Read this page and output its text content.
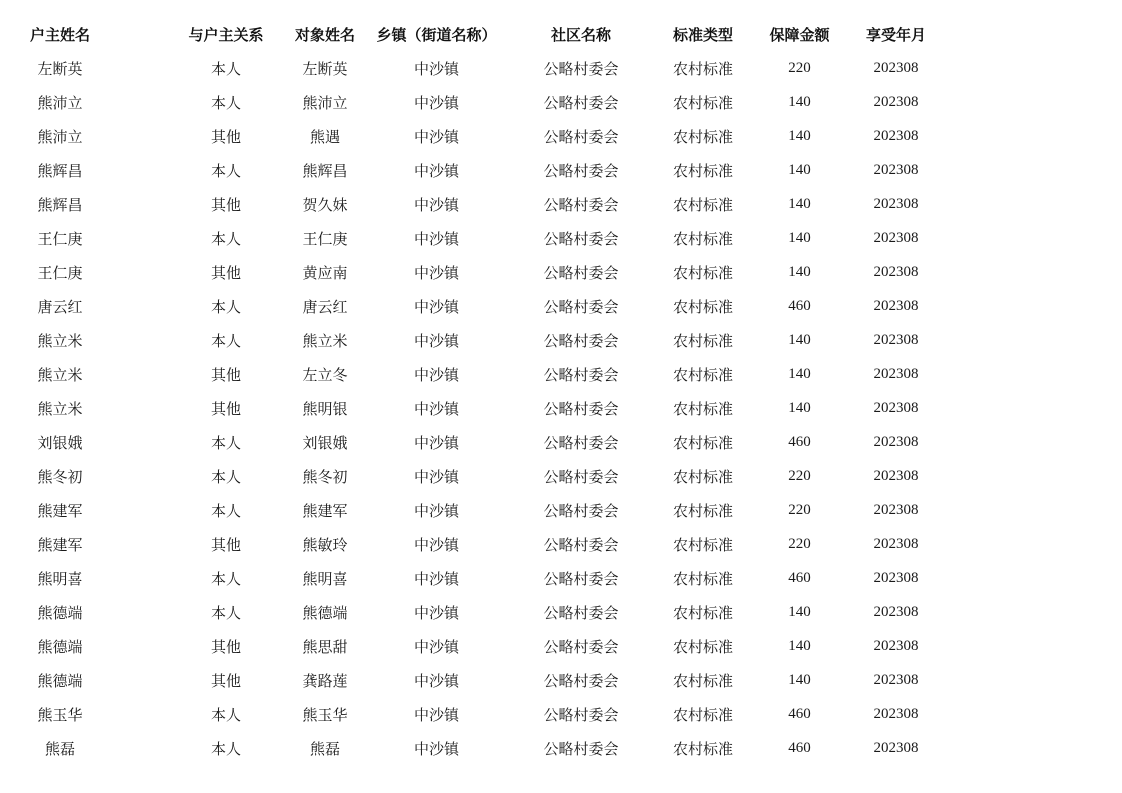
户主姓名		与户主关系	对象姓名	乡镇（街道名称）	社区名称	标准类型	保障金额	享受年月	
左断英		本人	左断英	中沙镇	公略村委会	农村标准	220	202308	
熊沛立		本人	熊沛立	中沙镇	公略村委会	农村标准	140	202308	
熊沛立		其他	熊遇	中沙镇	公略村委会	农村标准	140	202308	
熊辉昌		本人	熊辉昌	中沙镇	公略村委会	农村标准	140	202308	
熊辉昌		其他	贺久妹	中沙镇	公略村委会	农村标准	140	202308	
王仁庚		本人	王仁庚	中沙镇	公略村委会	农村标准	140	202308	
王仁庚		其他	黄应南	中沙镇	公略村委会	农村标准	140	202308	
唐云红		本人	唐云红	中沙镇	公略村委会	农村标准	460	202308	
熊立米		本人	熊立米	中沙镇	公略村委会	农村标准	140	202308	
熊立米		其他	左立冬	中沙镇	公略村委会	农村标准	140	202308	
熊立米		其他	熊明银	中沙镇	公略村委会	农村标准	140	202308	
刘银娥		本人	刘银娥	中沙镇	公略村委会	农村标准	460	202308	
熊冬初		本人	熊冬初	中沙镇	公略村委会	农村标准	220	202308	
熊建军		本人	熊建军	中沙镇	公略村委会	农村标准	220	202308	
熊建军		其他	熊敏玲	中沙镇	公略村委会	农村标准	220	202308	
熊明喜		本人	熊明喜	中沙镇	公略村委会	农村标准	460	202308	
熊德端		本人	熊德端	中沙镇	公略村委会	农村标准	140	202308	
熊德端		其他	熊思甜	中沙镇	公略村委会	农村标准	140	202308	
熊德端		其他	龚路莲	中沙镇	公略村委会	农村标准	140	202308	
熊玉华		本人	熊玉华	中沙镇	公略村委会	农村标准	460	202308	
熊磊		本人	熊磊	中沙镇	公略村委会	农村标准	460	202308	
